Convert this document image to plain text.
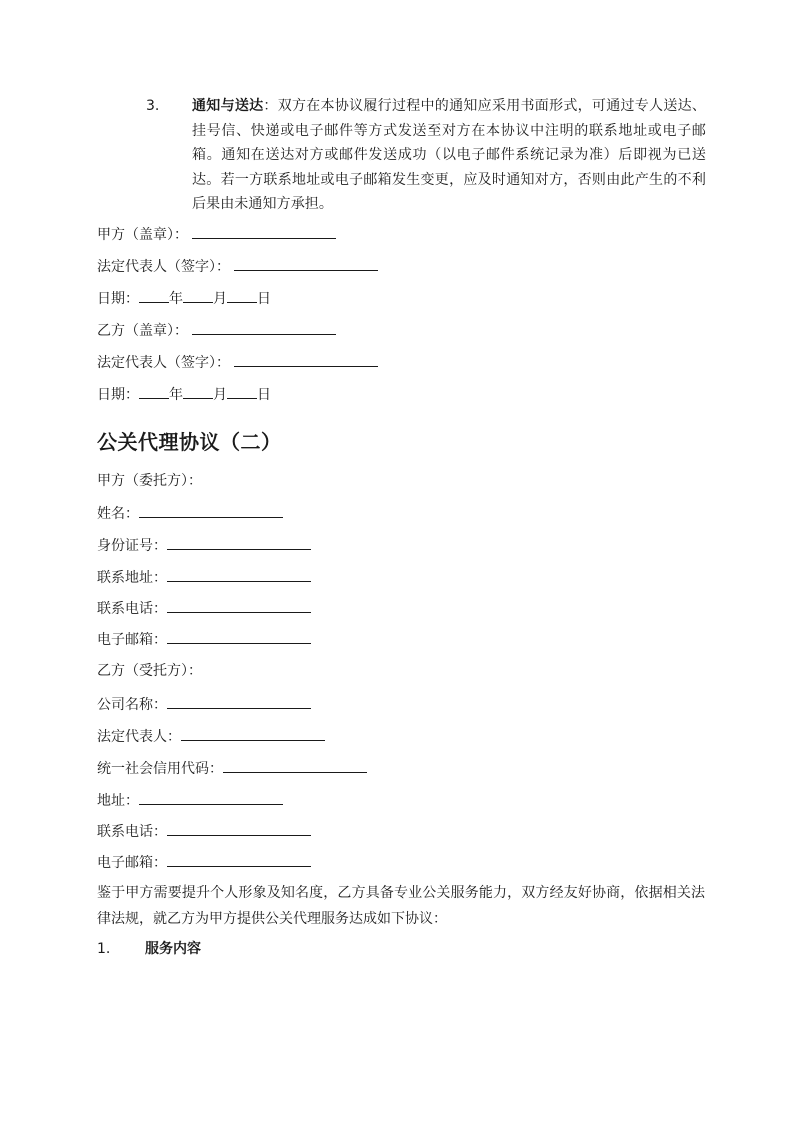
3. 通知与送达：双方在本协议履行过程中的通知应采用书面形式，可通过专人送达、挂号信、快递或电子邮件等方式发送至对方在本协议中注明的联系地址或电子邮箱。通知在送达对方或邮件发送成功（以电子邮件系统记录为准）后即视为已送达。若一方联系地址或电子邮箱发生变更，应及时通知对方，否则由此产生的不利后果由未通知方承担。
甲方（盖章）：
法定代表人（签字）：
日期： 年 月 日
乙方（盖章）：
法定代表人（签字）：
日期： 年 月 日
公关代理协议（二）
甲方（委托方）：
姓名：
身份证号：
联系地址：
联系电话：
电子邮箱：
乙方（受托方）：
公司名称：
法定代表人：
统一社会信用代码：
地址：
联系电话：
电子邮箱：
鉴于甲方需要提升个人形象及知名度，乙方具备专业公关服务能力，双方经友好协商，依据相关法律法规，就乙方为甲方提供公关代理服务达成如下协议：
1. 服务内容
